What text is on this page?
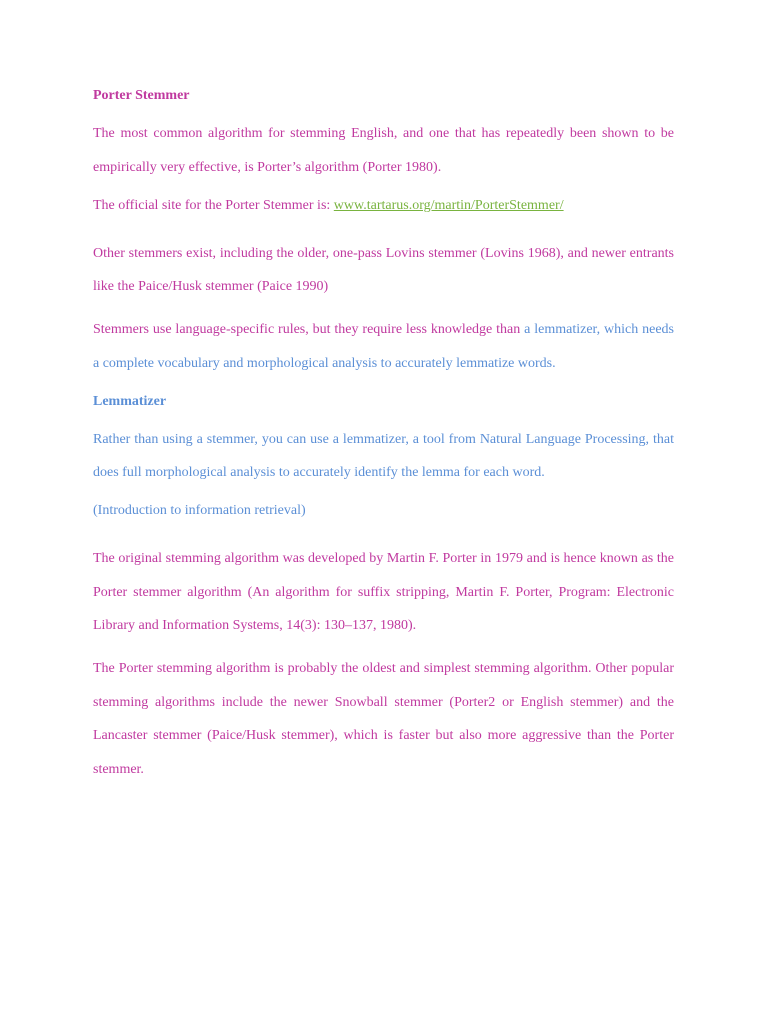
Porter Stemmer

The most common algorithm for stemming English, and one that has repeatedly been shown to be empirically very effective, is Porter’s algorithm (Porter 1980).

The official site for the Porter Stemmer is: www.tartarus.org/martin/PorterStemmer/

Other stemmers exist, including the older, one-pass Lovins stemmer (Lovins 1968), and newer entrants like the Paice/Husk stemmer (Paice 1990)

Stemmers use language-specific rules, but they require less knowledge than a lemmatizer, which needs a complete vocabulary and morphological analysis to accurately lemmatize words.

Lemmatizer

Rather than using a stemmer, you can use a lemmatizer, a tool from Natural Language Processing, that does full morphological analysis to accurately identify the lemma for each word.

(Introduction to information retrieval)

The original stemming algorithm was developed by Martin F. Porter in 1979 and is hence known as the Porter stemmer algorithm (An algorithm for suffix stripping, Martin F. Porter, Program: Electronic Library and Information Systems, 14(3): 130–137, 1980).

The Porter stemming algorithm is probably the oldest and simplest stemming algorithm. Other popular stemming algorithms include the newer Snowball stemmer (Porter2 or English stemmer) and the Lancaster stemmer (Paice/Husk stemmer), which is faster but also more aggressive than the Porter stemmer.
